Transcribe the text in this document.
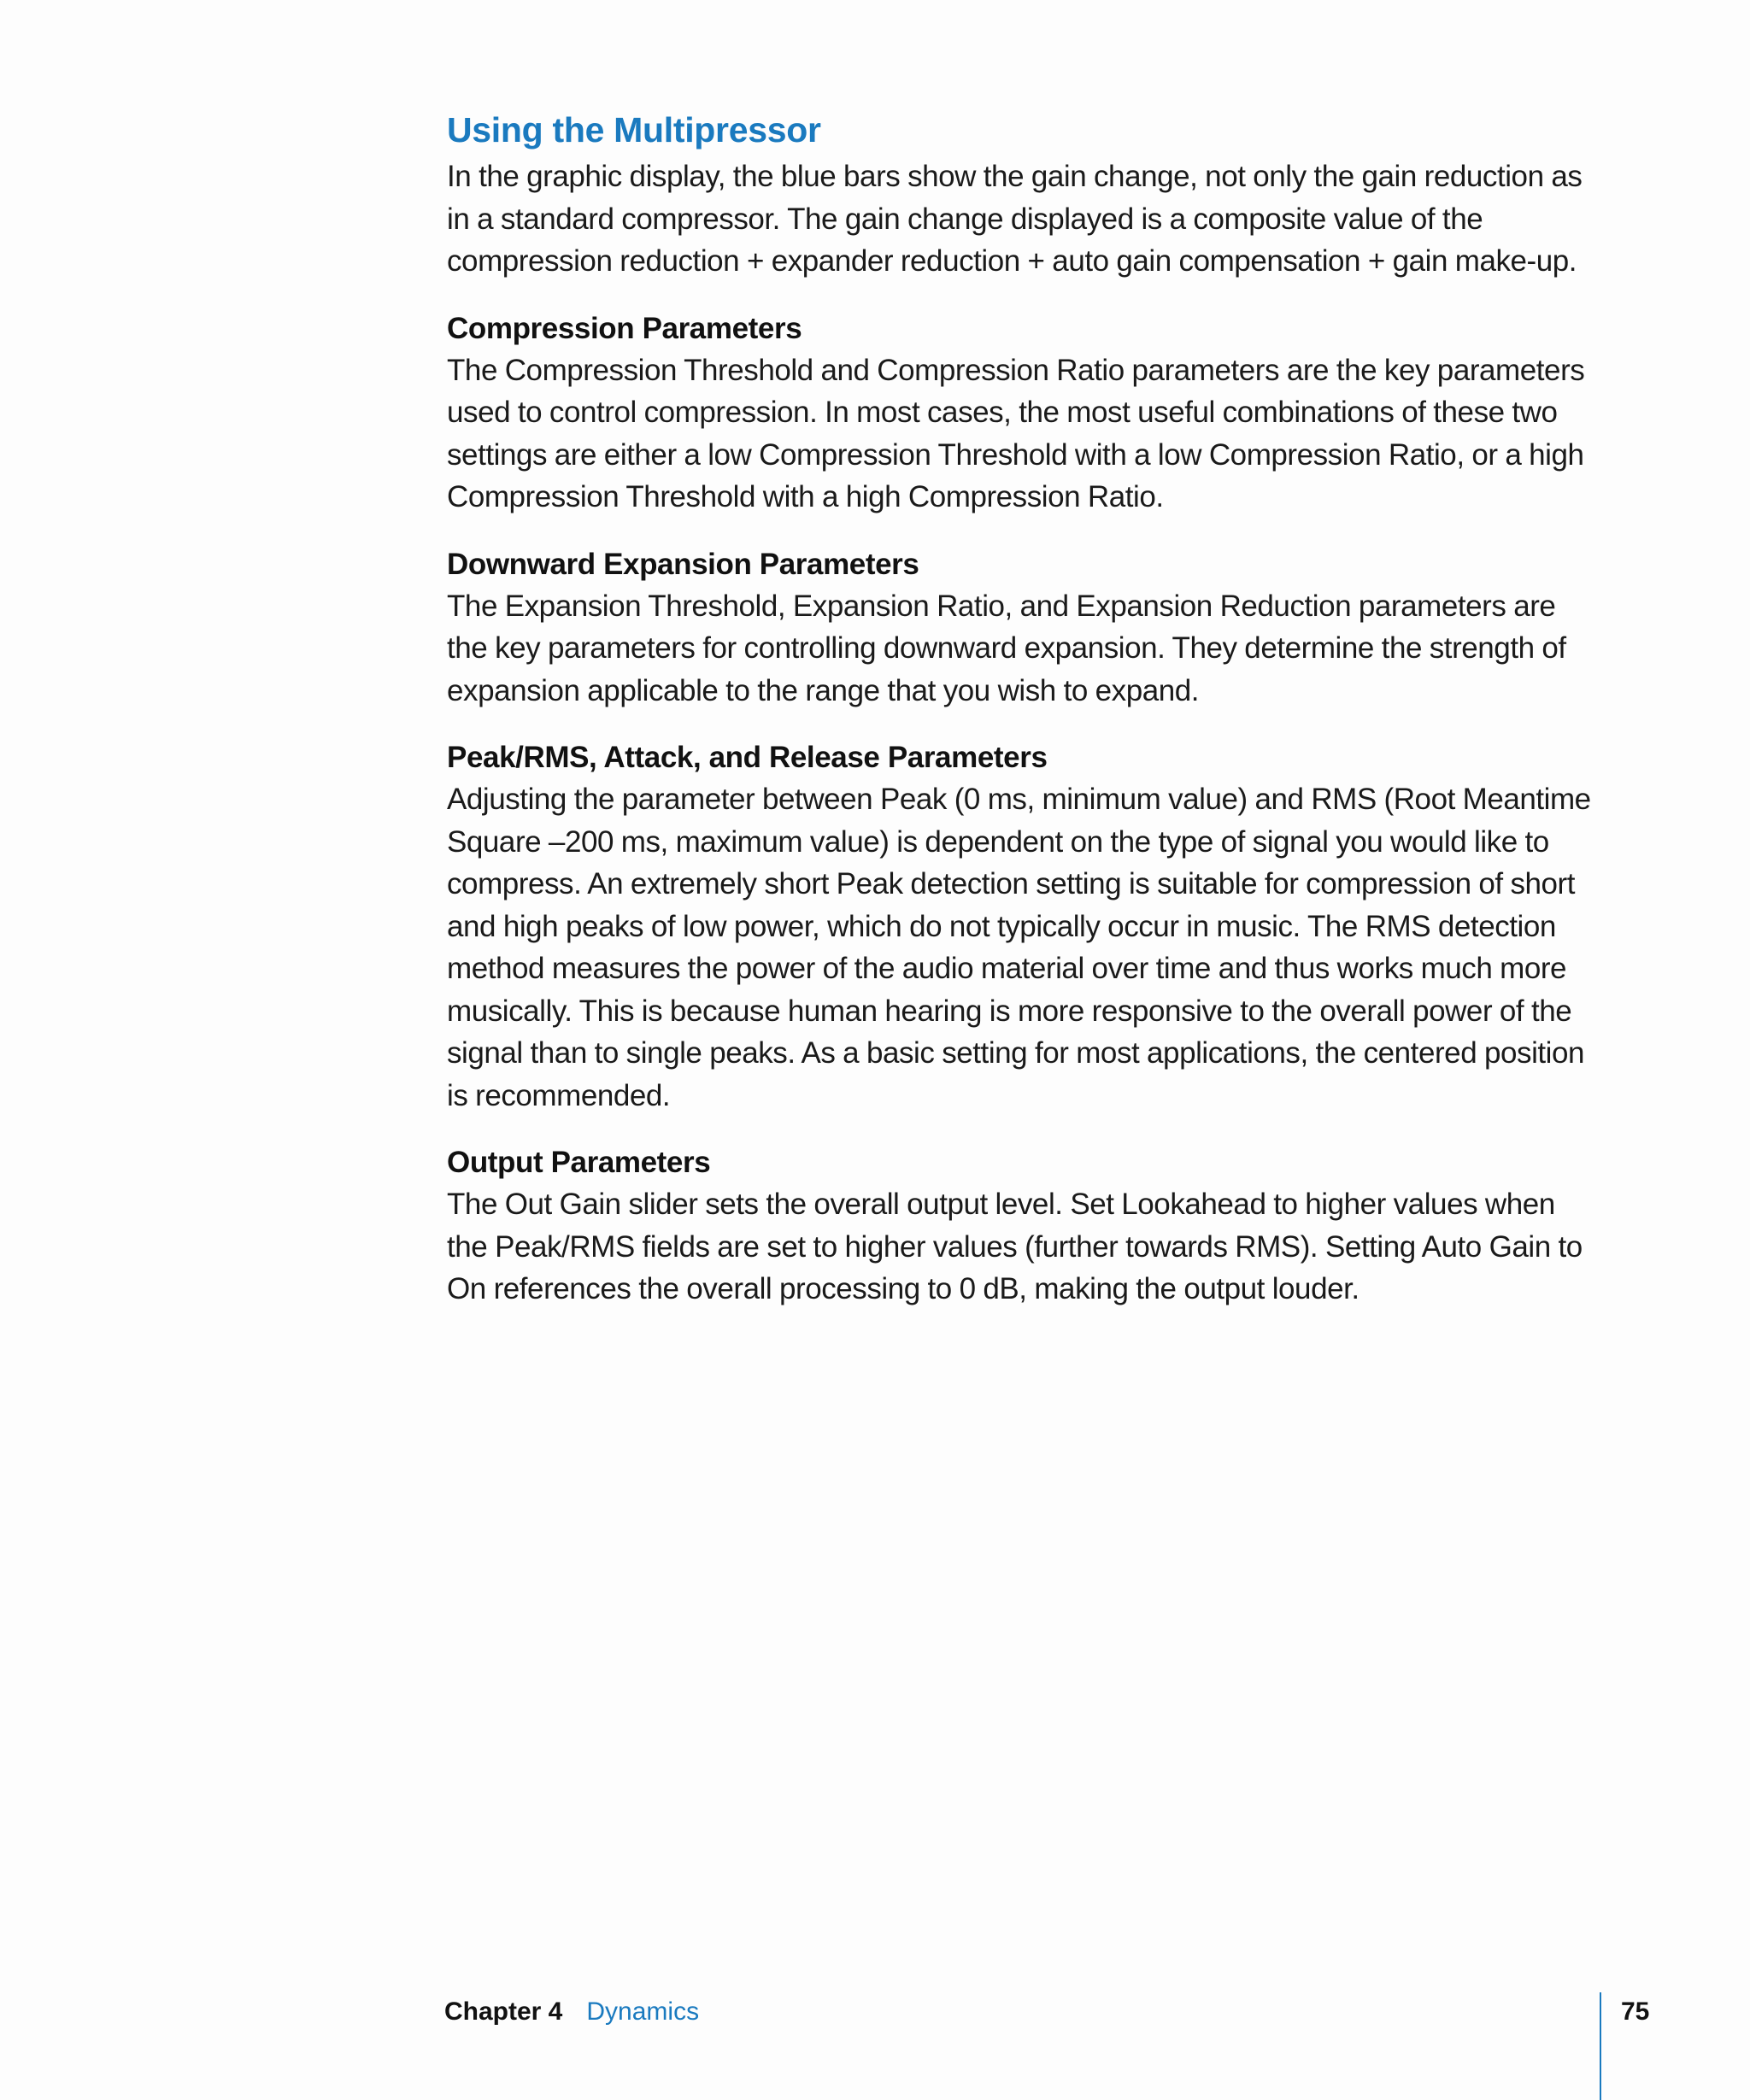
Using the Multipressor

In the graphic display, the blue bars show the gain change, not only the gain reduction as in a standard compressor. The gain change displayed is a composite value of the compression reduction + expander reduction + auto gain compensation + gain make-up.

Compression Parameters

The Compression Threshold and Compression Ratio parameters are the key parameters used to control compression. In most cases, the most useful combinations of these two settings are either a low Compression Threshold with a low Compression Ratio, or a high Compression Threshold with a high Compression Ratio.

Downward Expansion Parameters

The Expansion Threshold, Expansion Ratio, and Expansion Reduction parameters are the key parameters for controlling downward expansion. They determine the strength of expansion applicable to the range that you wish to expand.

Peak/RMS, Attack, and Release Parameters

Adjusting the parameter between Peak (0 ms, minimum value) and RMS (Root Meantime Square –200 ms, maximum value) is dependent on the type of signal you would like to compress. An extremely short Peak detection setting is suitable for compression of short and high peaks of low power, which do not typically occur in music. The RMS detection method measures the power of the audio material over time and thus works much more musically. This is because human hearing is more responsive to the overall power of the signal than to single peaks. As a basic setting for most applications, the centered position is recommended.

Output Parameters

The Out Gain slider sets the overall output level. Set Lookahead to higher values when the Peak/RMS fields are set to higher values (further towards RMS). Setting Auto Gain to On references the overall processing to 0 dB, making the output louder.

Chapter 4 Dynamics	75
